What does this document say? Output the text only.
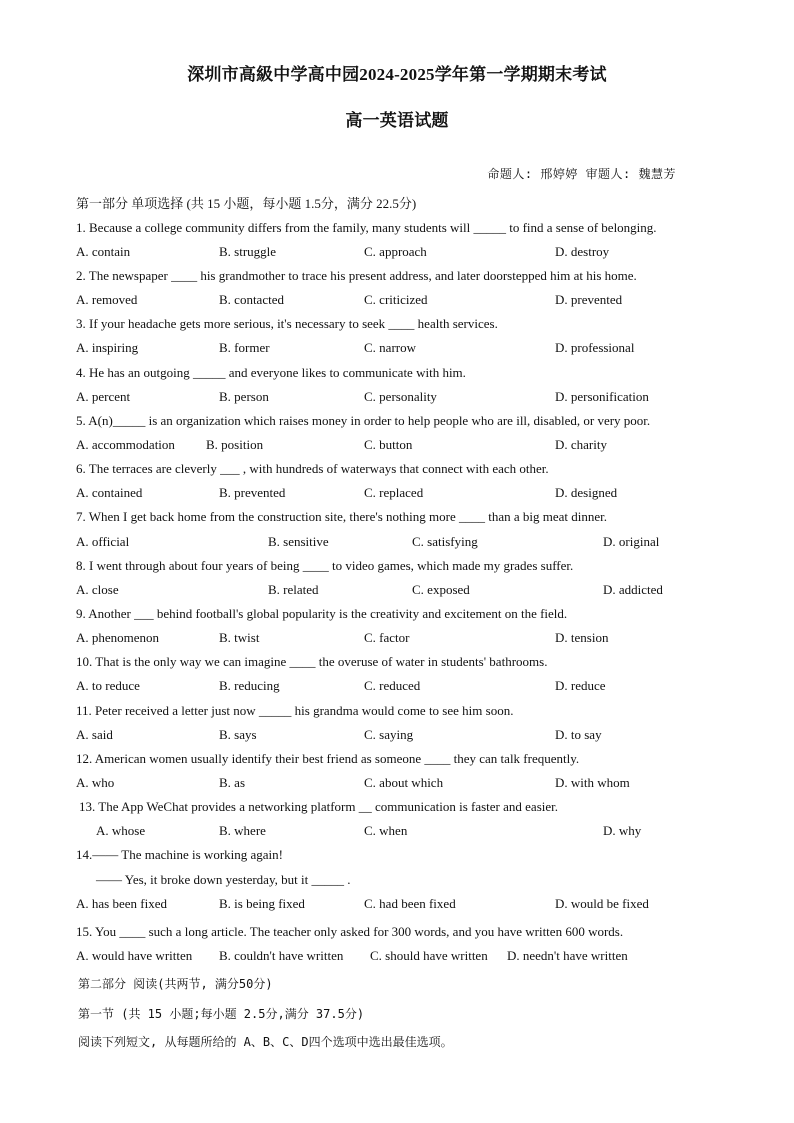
深圳市高級中学高中园2024-2025学年第一学期期末考试
高一英语试题
命题人: 邢婷婷 审题人: 魏慧芳
第一部分 单项选择 (共 15 小题，每小题 1.5分，满分 22.5分)
第二部分 阅读(共两节, 满分50分)
第一节 (共 15 小题;每小题 2.5分,满分 37.5分)
阅读下列短文, 从每题所给的 A、B、C、D四个选项中选出最佳选项。
1. Because a college community differs from the family, many students will _____ to find a sense of belonging.
A. contain	B. struggle	C. approach	D. destroy
2. The newspaper ____ his grandmother to trace his present address, and later doorstepped him at his home.
A. removed	B. contacted	C. criticized	D. prevented
3. If your headache gets more serious, it's necessary to seek ____ health services.
A. inspiring	B. former	C. narrow	D. professional
4. He has an outgoing _____ and everyone likes to communicate with him.
A. percent	B. person	C. personality	D. personification
5. A(n)_____ is an organization which raises money in order to help people who are ill, disabled, or very poor.
A. accommodation B. position	C. button	D. charity
6. The terraces are cleverly ___ , with hundreds of waterways that connect with each other.
A. contained	B. prevented	C. replaced	D. designed
7. When I get back home from the construction site, there's nothing more ____ than a big meat dinner.
A. official	B. sensitive	C. satisfying	D. original
8. I went through about four years of being ____ to video games, which made my grades suffer.
A. close	B. related	C. exposed	D. addicted
9. Another ___ behind football's global popularity is the creativity and excitement on the field.
A. phenomenon	B. twist	C. factor	D. tension
10. That is the only way we can imagine ____ the overuse of water in students' bathrooms.
A. to reduce	B. reducing	C. reduced	D. reduce
11. Peter received a letter just now _____ his grandma would come to see him soon.
A. said	B. says	C. saying	D. to say
12. American women usually identify their best friend as someone ____ they can talk frequently.
A. who	B. as	C. about which	D. with whom
13. The App WeChat provides a networking platform __ communication is faster and easier.
A. whose	B. where	C. when	D. why
14.—— The machine is working again!
—— Yes, it broke down yesterday, but it _____ .
A. has been fixed	B. is being fixed	C. had been fixed	D. would be fixed
15. You ____ such a long article. The teacher only asked for 300 words, and you have written 600 words.
A. would have written B. couldn't have written C. should have written D. needn't have written
